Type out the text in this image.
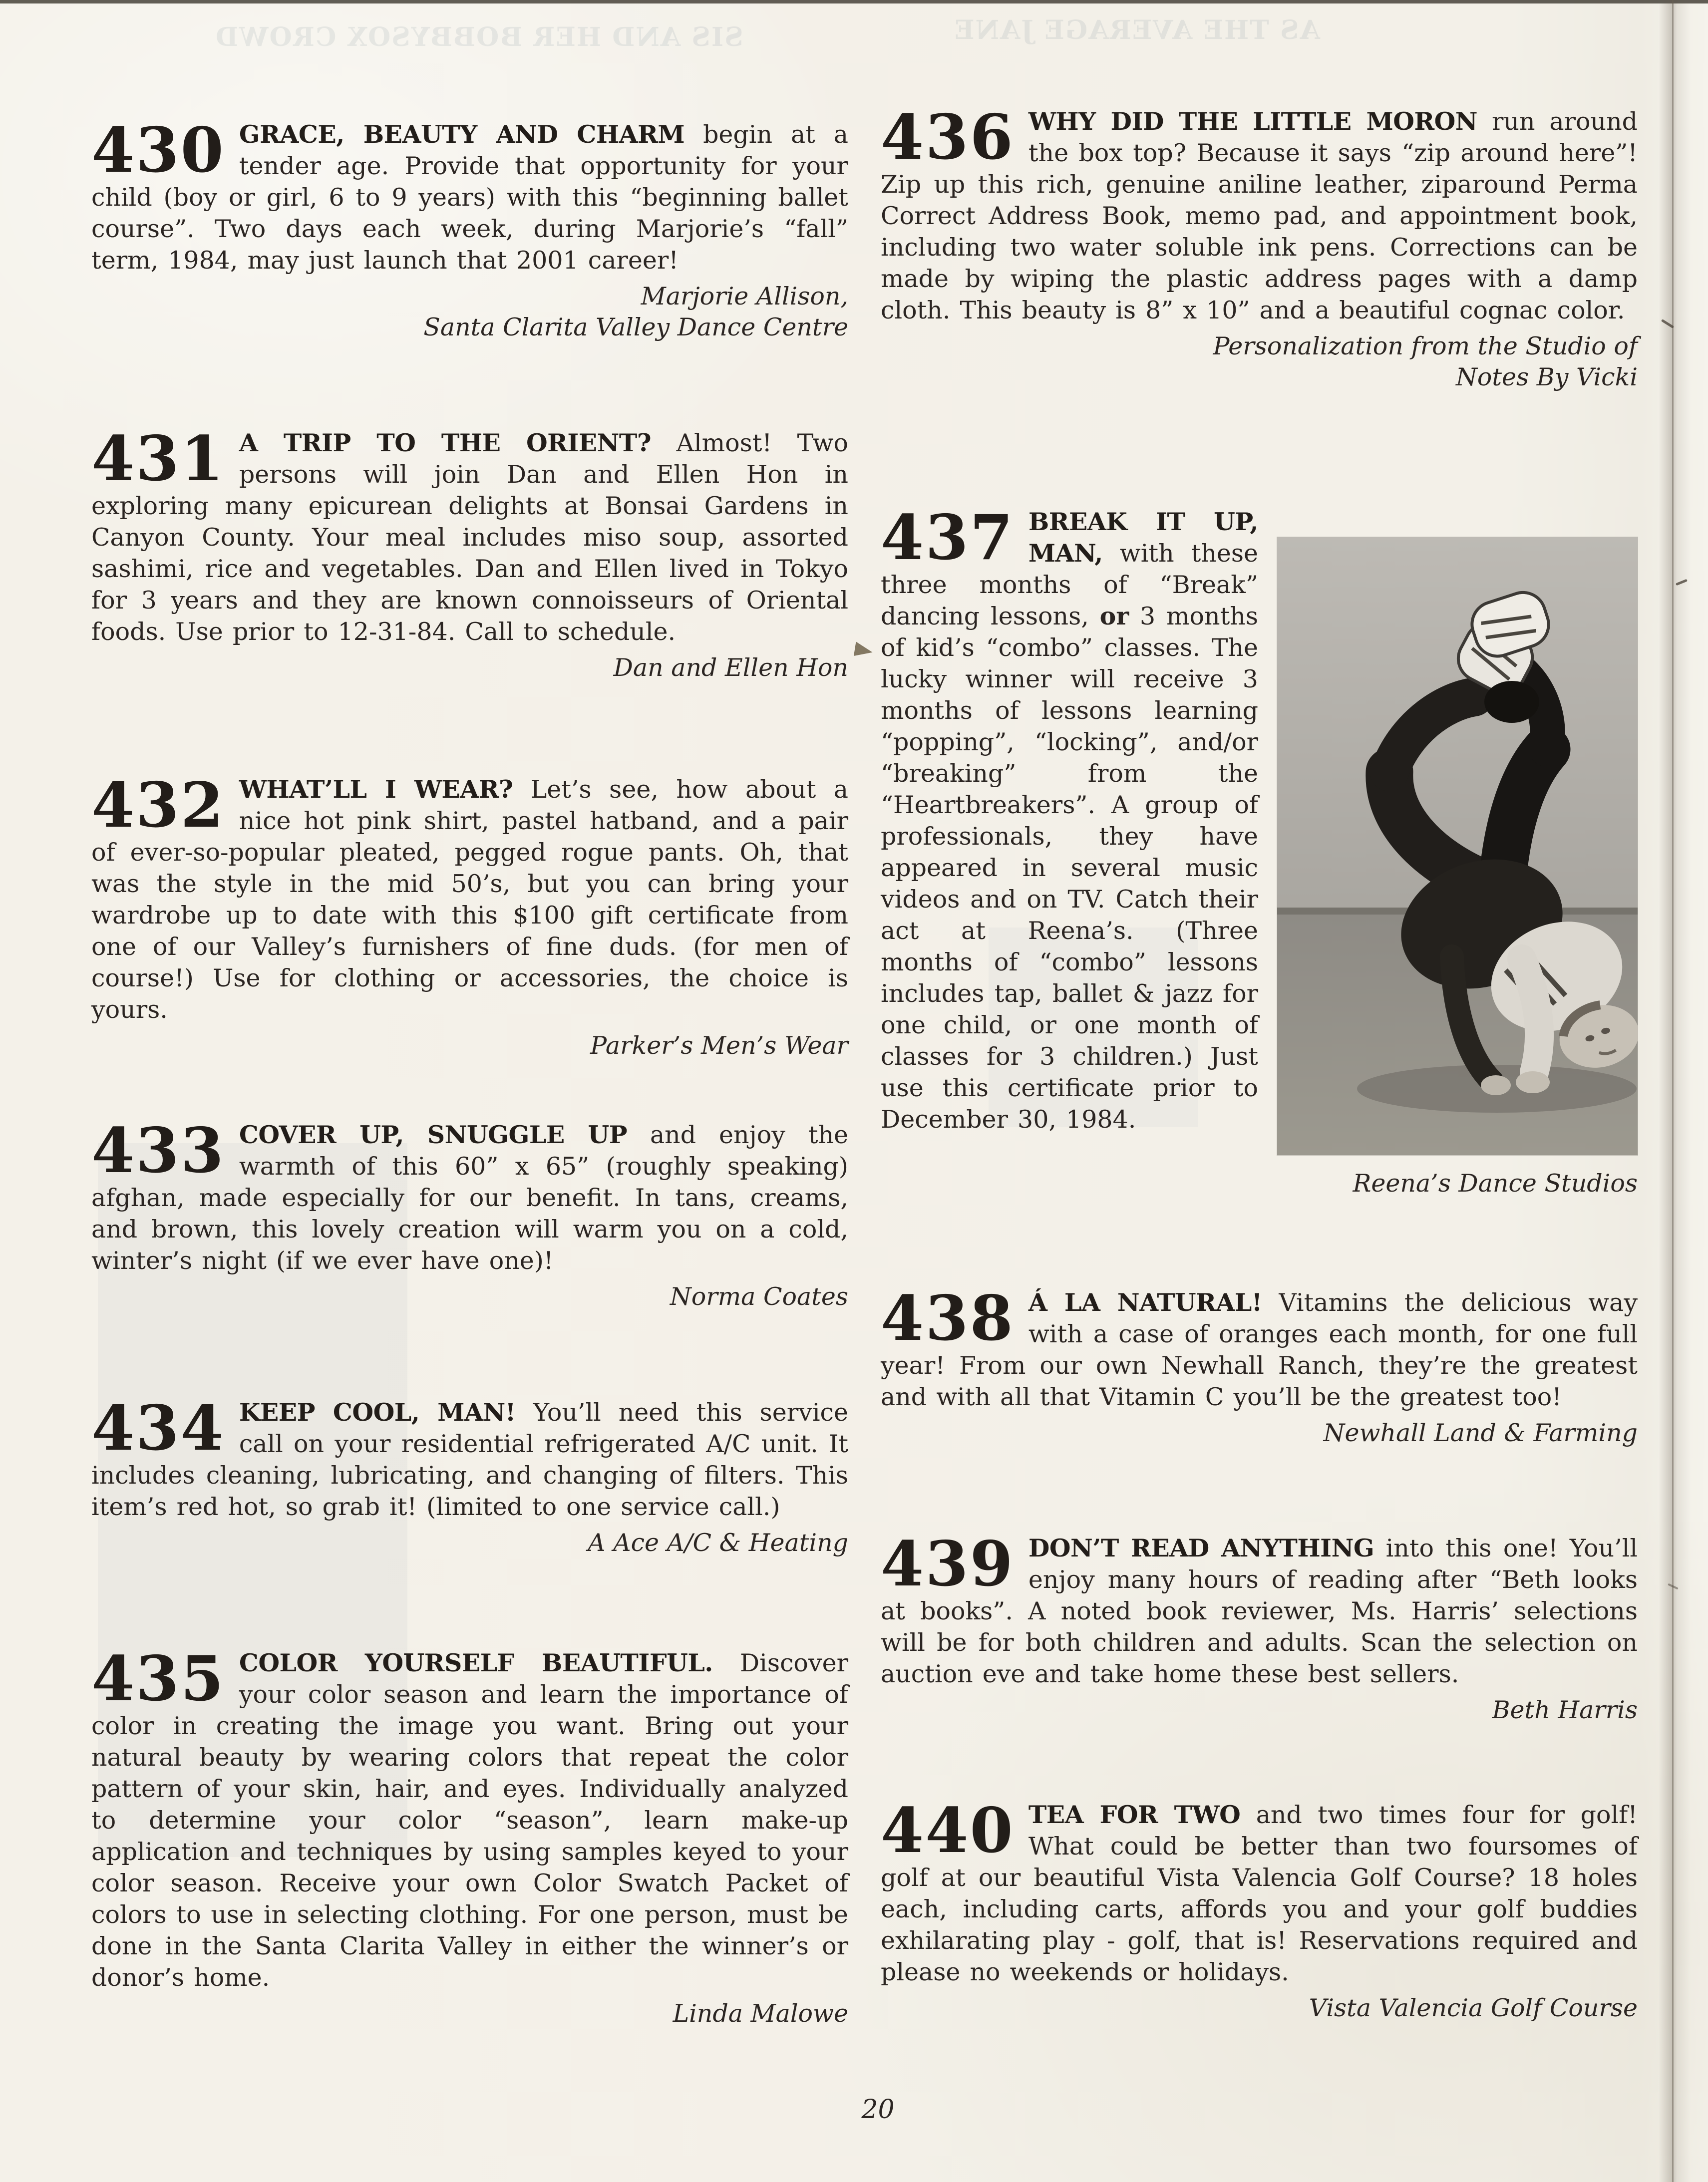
SIS AND HER BOBBYSOX CROWD	AS THE AVERAGE JANE

430 GRACE, BEAUTY AND CHARM begin at a tender age. Provide that opportunity for your child (boy or girl, 6 to 9 years) with this “beginning ballet course”. Two days each week, during Marjorie’s “fall” term, 1984, may just launch that 2001 career!

Marjorie Allison,
Santa Clarita Valley Dance Centre

431 A TRIP TO THE ORIENT? Almost! Two persons will join Dan and Ellen Hon in exploring many epicurean delights at Bonsai Gardens in Canyon County. Your meal includes miso soup, assorted sashimi, rice and vegetables. Dan and Ellen lived in Tokyo for 3 years and they are known connoisseurs of Oriental foods. Use prior to 12-31-84. Call to schedule.

Dan and Ellen Hon

432 WHAT’LL I WEAR? Let’s see, how about a nice hot pink shirt, pastel hatband, and a pair of ever-so-popular pleated, pegged rogue pants. Oh, that was the style in the mid 50’s, but you can bring your wardrobe up to date with this $100 gift certificate from one of our Valley’s furnishers of fine duds. (for men of course!) Use for clothing or accessories, the choice is yours.

Parker’s Men’s Wear

433 COVER UP, SNUGGLE UP and enjoy the warmth of this 60” x 65” (roughly speaking) afghan, made especially for our benefit. In tans, creams, and brown, this lovely creation will warm you on a cold, winter’s night (if we ever have one)!

Norma Coates

434 KEEP COOL, MAN! You’ll need this service call on your residential refrigerated A/C unit. It includes cleaning, lubricating, and changing of filters. This item’s red hot, so grab it! (limited to one service call.)

A Ace A/C & Heating

435 COLOR YOURSELF BEAUTIFUL. Discover your color season and learn the importance of color in creating the image you want. Bring out your natural beauty by wearing colors that repeat the color pattern of your skin, hair, and eyes. Individually analyzed to determine your color “season”, learn make-up application and techniques by using samples keyed to your color season. Receive your own Color Swatch Packet of colors to use in selecting clothing. For one person, must be done in the Santa Clarita Valley in either the winner’s or donor’s home.

Linda Malowe

436 WHY DID THE LITTLE MORON run around the box top? Because it says “zip around here”! Zip up this rich, genuine aniline leather, ziparound Perma Correct Address Book, memo pad, and appointment book, including two water soluble ink pens. Corrections can be made by wiping the plastic address pages with a damp cloth. This beauty is 8” x 10” and a beautiful cognac color.

Personalization from the Studio of
Notes By Vicki

437 BREAK IT UP, MAN, with these three months of “Break” dancing lessons, or 3 months of kid’s “combo” classes. The lucky winner will receive 3 months of lessons learning “popping”, “locking”, and/or “breaking” from the “Heartbreakers”. A group of professionals, they have appeared in several music videos and on TV. Catch their act at Reena’s. (Three months of “combo” lessons includes tap, ballet & jazz for one child, or one month of classes for 3 children.) Just use this certificate prior to December 30, 1984.

Reena’s Dance Studios

438 Á LA NATURAL! Vitamins the delicious way with a case of oranges each month, for one full year! From our own Newhall Ranch, they’re the greatest and with all that Vitamin C you’ll be the greatest too!

Newhall Land & Farming

439 DON’T READ ANYTHING into this one! You’ll enjoy many hours of reading after “Beth looks at books”. A noted book reviewer, Ms. Harris’ selections will be for both children and adults. Scan the selection on auction eve and take home these best sellers.

Beth Harris

440 TEA FOR TWO and two times four for golf! What could be better than two foursomes of golf at our beautiful Vista Valencia Golf Course? 18 holes each, including carts, affords you and your golf buddies exhilarating play - golf, that is! Reservations required and please no weekends or holidays.

Vista Valencia Golf Course
20
